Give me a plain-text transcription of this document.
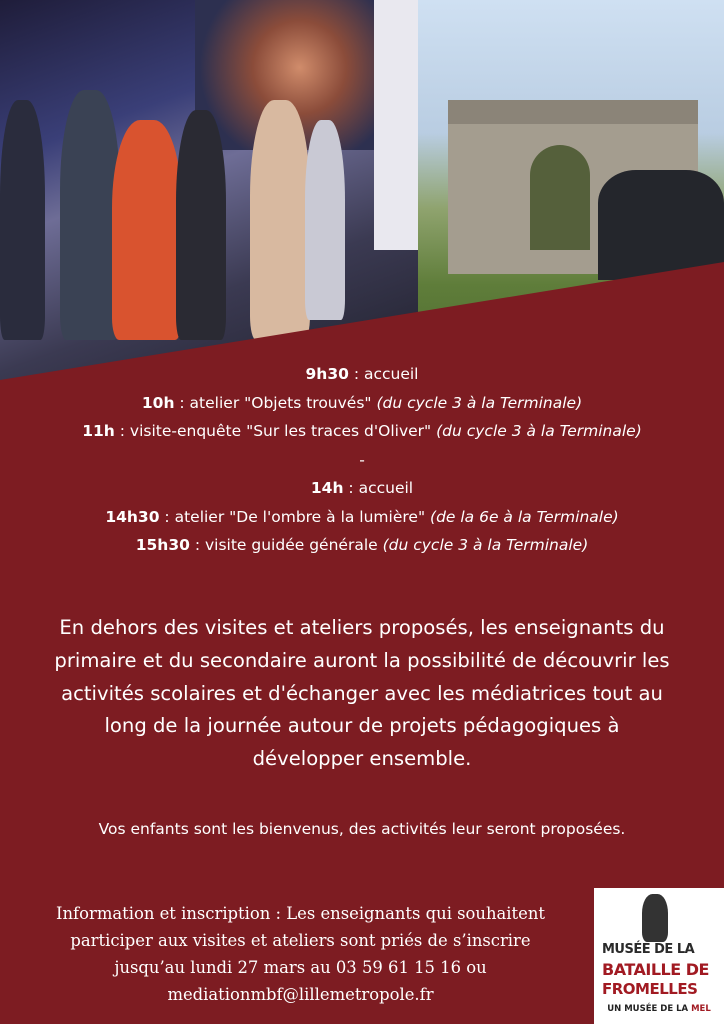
9h30 : accueil
10h : atelier "Objets trouvés" (du cycle 3 à la Terminale)
11h : visite-enquête "Sur les traces d'Oliver" (du cycle 3 à la Terminale)
-
14h : accueil
14h30 : atelier "De l'ombre à la lumière" (de la 6e à la Terminale)
15h30 : visite guidée générale (du cycle 3 à la Terminale)
En dehors des visites et ateliers proposés, les enseignants du
primaire et du secondaire auront la possibilité de découvrir les
activités scolaires et d'échanger avec les médiatrices tout au
long de la journée autour de projets pédagogiques à
développer ensemble.
Vos enfants sont les bienvenus, des activités leur seront proposées.
Information et inscription : Les enseignants qui souhaitent
participer aux visites et ateliers sont priés de s’inscrire
jusqu’au lundi 27 mars au 03 59 61 15 16 ou
mediationmbf@lillemetropole.fr
MUSÉE DE LA
BATAILLE DE
FROMELLES
UN MUSÉE DE LA MEL
